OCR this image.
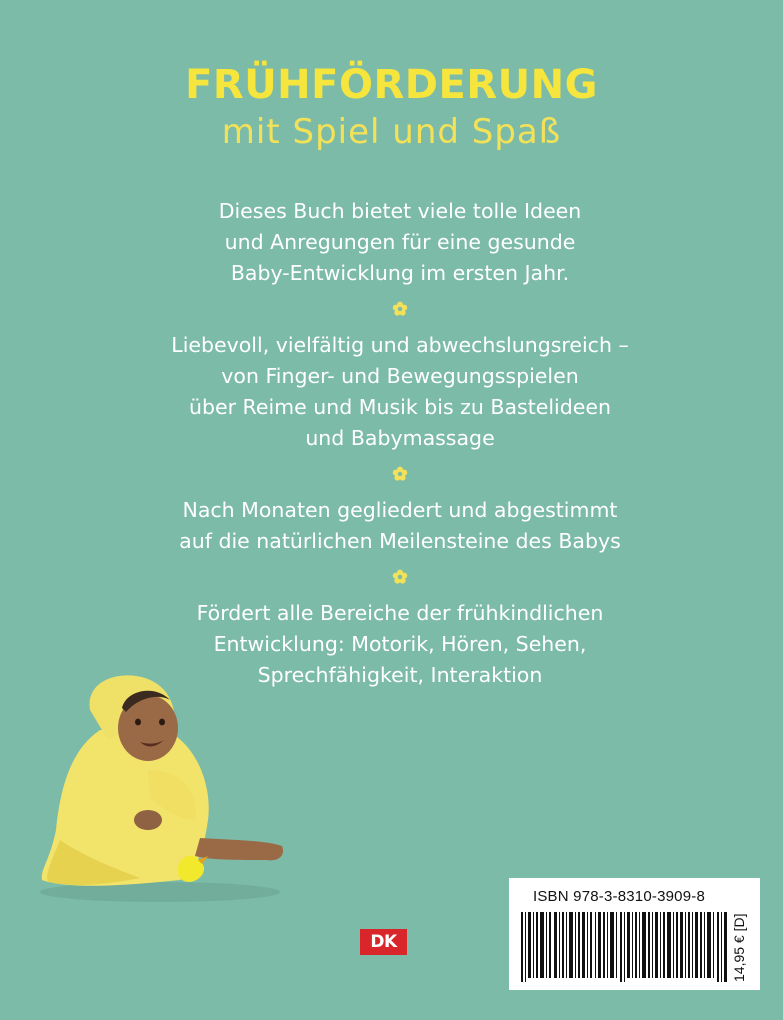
FRÜHFÖRDERUNG
mit Spiel und Spaß

Dieses Buch bietet viele tolle Ideen
und Anregungen für eine gesunde
Baby-Entwicklung im ersten Jahr.

Liebevoll, vielfältig und abwechslungsreich –
von Finger- und Bewegungsspielen
über Reime und Musik bis zu Bastelideen
und Babymassage

Nach Monaten gegliedert und abgestimmt
auf die natürlichen Meilensteine des Babys

Fördert alle Bereiche der frühkindlichen
Entwicklung: Motorik, Hören, Sehen,
Sprechfähigkeit, Interaktion

DK
ISBN 978-3-8310-3909-8
14,95 € [D]
